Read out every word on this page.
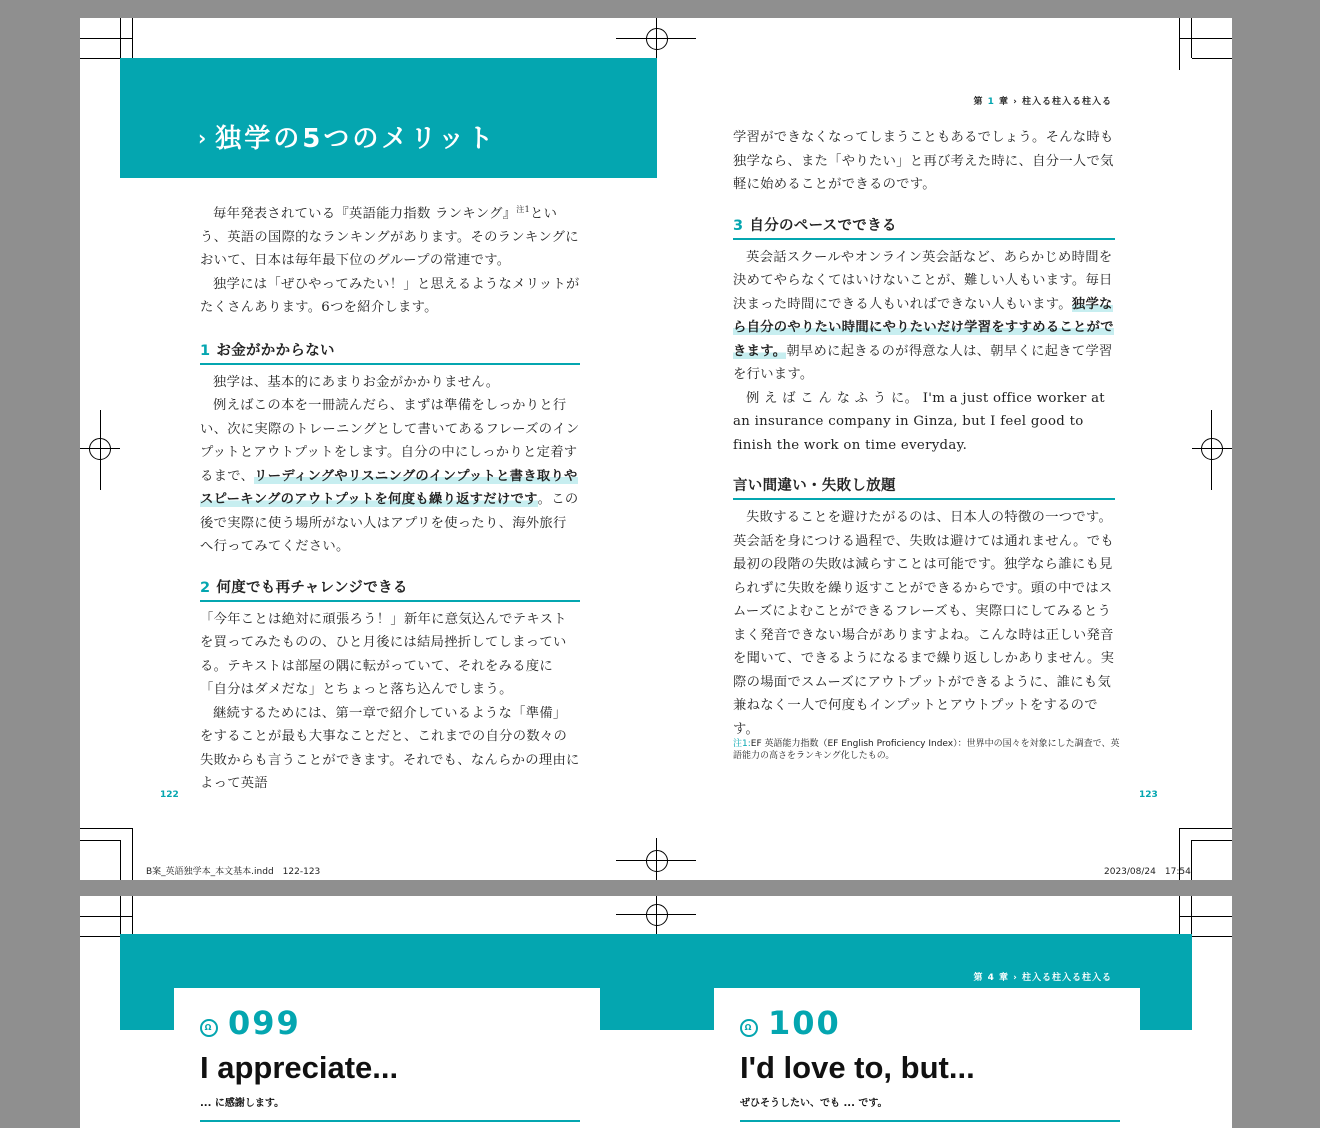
› 独学の5つのメリット
第 1 章 › 柱入る柱入る柱入る

毎年発表されている『英語能力指数 ランキング』$^{注1}$という、英語の国際的なランキングがあります。そのランキングにおいて、日本は毎年最下位のグループの常連です。

独学には「ぜひやってみたい！」と思えるようなメリットがたくさんあります。6つを紹介します。

1 お金がかからない

独学は、基本的にあまりお金がかかりません。

例えばこの本を一冊読んだら、まずは準備をしっかりと行い、次に実際のトレーニングとして書いてあるフレーズのインプットとアウトプットをします。自分の中にしっかりと定着するまで、リーディングやリスニングのインプットと書き取りやスピーキングのアウトプットを何度も繰り返すだけです。この後で実際に使う場所がない人はアプリを使ったり、海外旅行へ行ってみてください。

2 何度でも再チャレンジできる

「今年ことは絶対に頑張ろう！」新年に意気込んでテキストを買ってみたものの、ひと月後には結局挫折してしまっている。テキストは部屋の隅に転がっていて、それをみる度に「自分はダメだな」とちょっと落ち込んでしまう。

継続するためには、第一章で紹介しているような「準備」をすることが最も大事なことだと、これまでの自分の数々の失敗からも言うことができます。それでも、なんらかの理由によって英語

学習ができなくなってしまうこともあるでしょう。そんな時も独学なら、また「やりたい」と再び考えた時に、自分一人で気軽に始めることができるのです。

3 自分のペースでできる

英会話スクールやオンライン英会話など、あらかじめ時間を決めてやらなくてはいけないことが、難しい人もいます。毎日決まった時間にできる人もいればできない人もいます。独学なら自分のやりたい時間にやりたいだけ学習をすすめることができます。朝早めに起きるのが得意な人は、朝早くに起きて学習を行います。

例 え ば こ ん な ふ う に。 I'm a just office worker at an insurance company in Ginza, but I feel good to finish the work on time everyday.

言い間違い・失敗し放題

失敗することを避けたがるのは、日本人の特徴の一つです。英会話を身につける過程で、失敗は避けては通れません。でも最初の段階の失敗は減らすことは可能です。独学なら誰にも見られずに失敗を繰り返すことができるからです。頭の中ではスムーズによむことができるフレーズも、実際口にしてみるとうまく発音できない場合がありますよね。こんな時は正しい発音を聞いて、できるようになるまで繰り返ししかありません。実際の場面でスムーズにアウトプットができるように、誰にも気兼ねなく一人で何度もインプットとアウトプットをするのです。

注1:EF 英語能力指数（EF English Proficiency Index）：世界中の国々を対象にした調査で、英語能力の高さをランキング化したもの。
122	123
B案_英語独学本_本文基本.indd　122-123	2023/08/24　17:54
第 4 章 › 柱入る柱入る柱入る
Ω 099
I appreciate...
... に感謝します。
Ω 100
I'd love to, but...
ぜひそうしたい、でも ... です。
